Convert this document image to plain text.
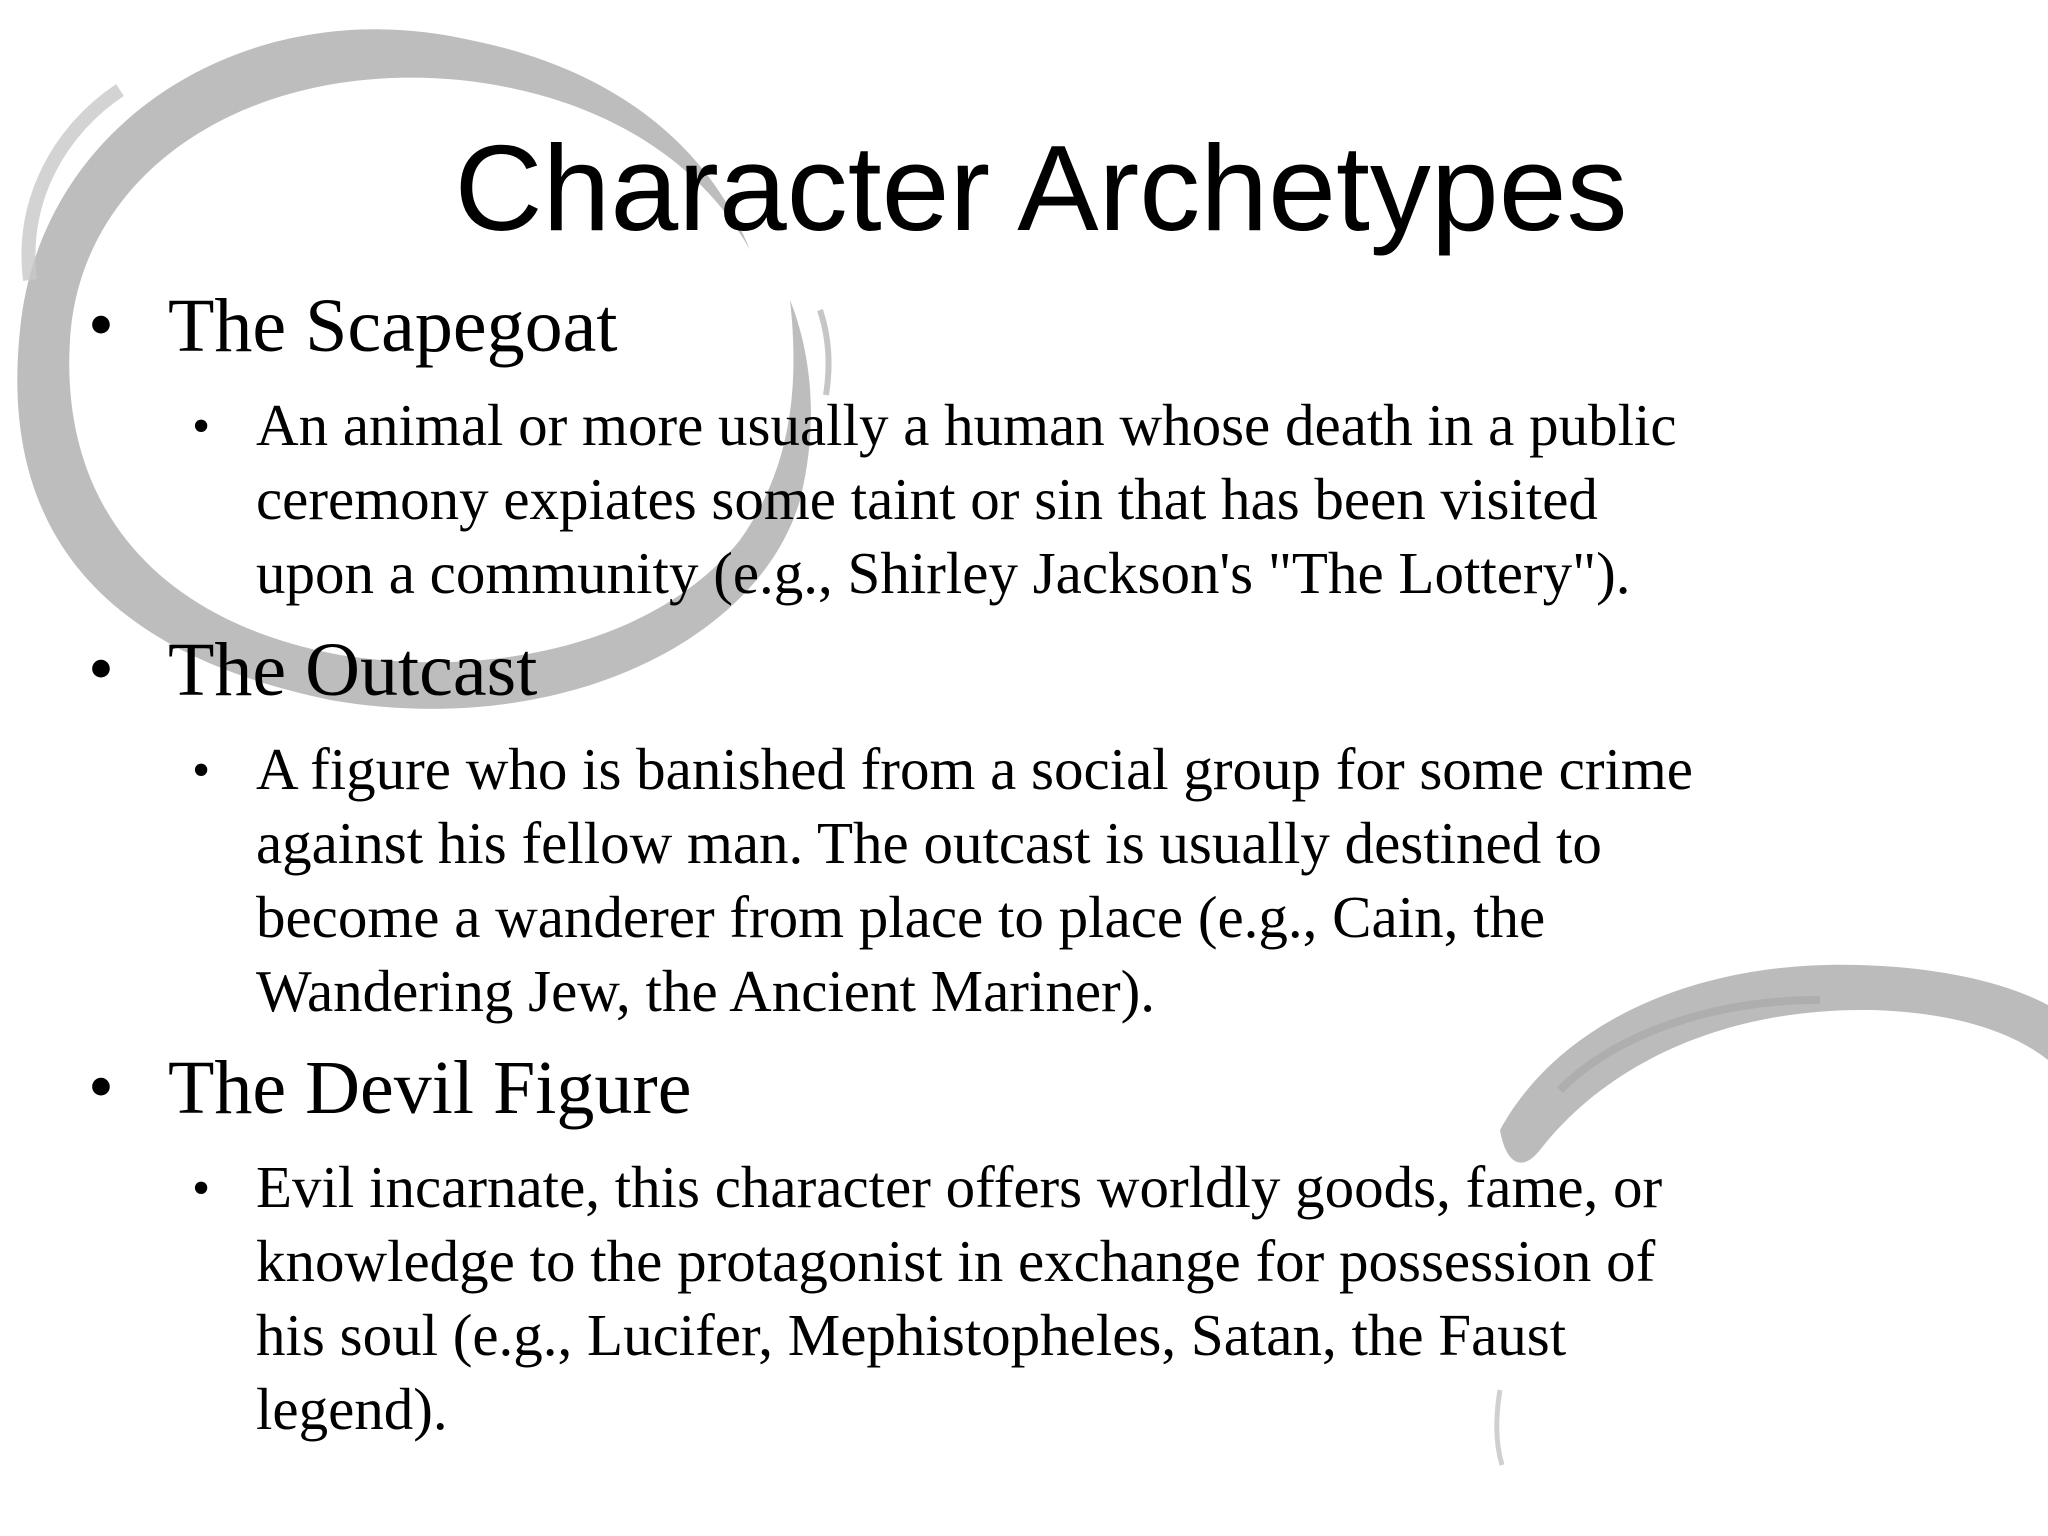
Character Archetypes
• The Scapegoat
• An animal or more usually a human whose death in a public
ceremony expiates some taint or sin that has been visited
upon a community (e.g., Shirley Jackson's "The Lottery").

• The Outcast
• A figure who is banished from a social group for some crime
against his fellow man. The outcast is usually destined to
become a wanderer from place to place (e.g., Cain, the
Wandering Jew, the Ancient Mariner).

• The Devil Figure
• Evil incarnate, this character offers worldly goods, fame, or
knowledge to the protagonist in exchange for possession of
his soul (e.g., Lucifer, Mephistopheles, Satan, the Faust
legend).
